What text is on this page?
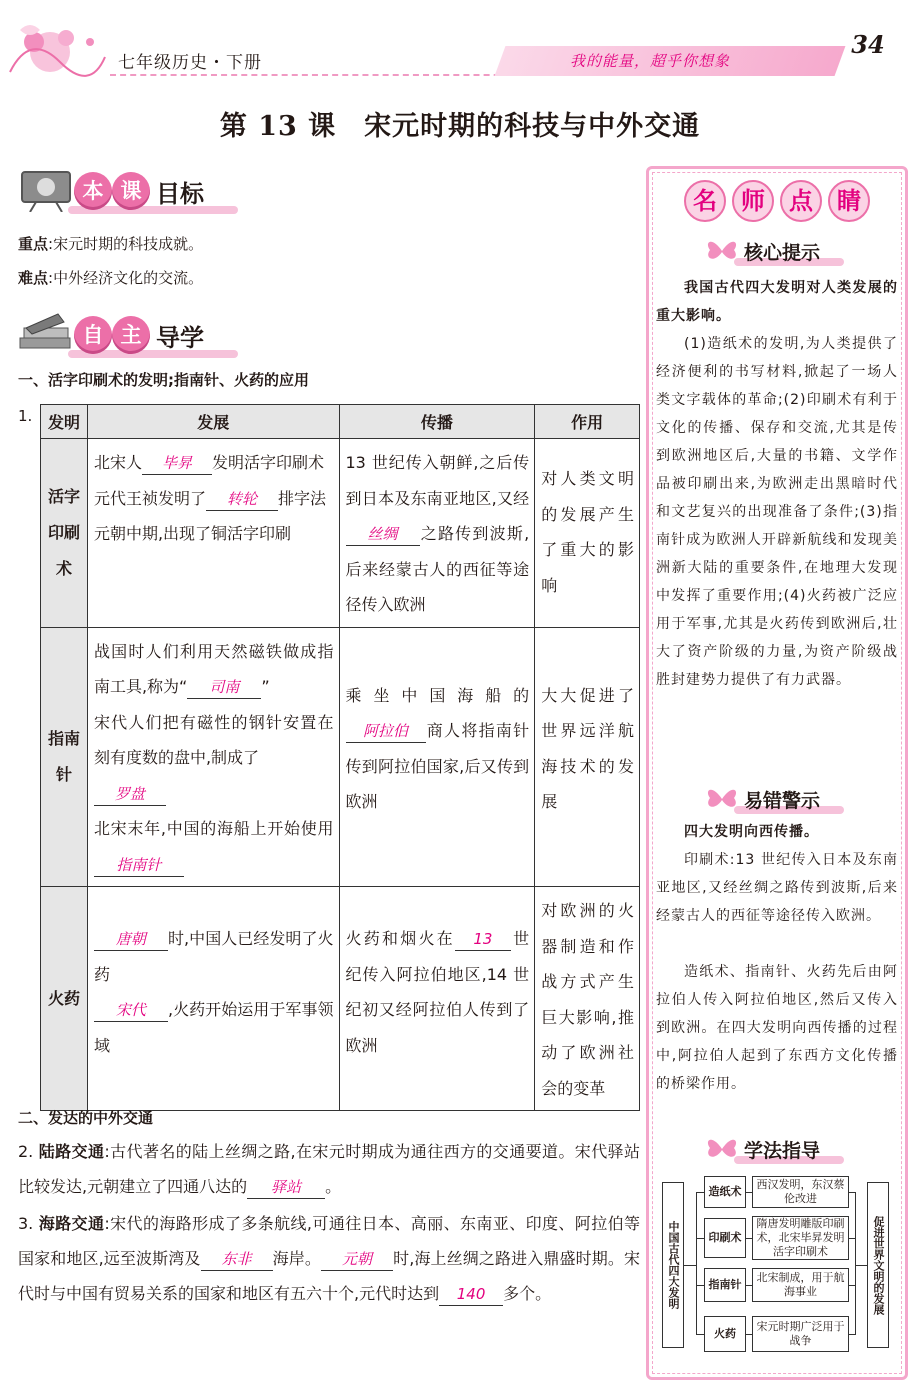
七年级历史・下册	我的能量，超乎你想象
34
第 13 课　宋元时期的科技与中外交通
本 课 目标
重点:宋元时期的科技成就。
难点:中外经济文化的交流。
自 主 导学
一、活字印刷术的发明;指南针、火药的应用
1. 发明	发展	传播	作用
活字印刷术	北宋人 毕昇 发明活字印刷术
元代王祯发明了 转轮 排字法
元朝中期,出现了铜活字印刷	13 世纪传入朝鲜,之后传到日本及东南亚地区,又经丝绸 之路传到波斯,后来经蒙古人的西征等途径传入欧洲	对人类文明的发展产生了重大的影响
指南针	战国时人们利用天然磁铁做成指南工具,称为“ 司南 ”
宋代人们把有磁性的钢针安置在刻有度数的盘中,制成了
罗盘
北宋末年,中国的海船上开始使用指南针	乘坐中国海船的阿拉伯 商人将指南针传到阿拉伯国家,后又传到欧洲	大大促进了世界远洋航海技术的发展
火药	唐朝 时,中国人已经发明了火药
宋代 ,火药开始运用于军事领域	火药和烟火在 13 世纪传入阿拉伯地区,14 世纪初又经阿拉伯人传到了欧洲	对欧洲的火器制造和作战方式产生巨大影响,推动了欧洲社会的变革
二、发达的中外交通
2. 陆路交通:古代著名的陆上丝绸之路,在宋元时期成为通往西方的交通要道。宋代驿站比较发达,元朝建立了四通八达的 驿站 。
3. 海路交通:宋代的海路形成了多条航线,可通往日本、高丽、东南亚、印度、阿拉伯等国家和地区,远至波斯湾及 东非 海岸。 元朝 时,海上丝绸之路进入鼎盛时期。宋代时与中国有贸易关系的国家和地区有五六十个,元代时达到 140 多个。
名	师	点	睛
核心提示
我国古代四大发明对人类发展的重大影响。
(1)造纸术的发明,为人类提供了经济便利的书写材料,掀起了一场人类文字载体的革命;(2)印刷术有利于文化的传播、保存和交流,尤其是传到欧洲地区后,大量的书籍、文学作品被印刷出来,为欧洲走出黑暗时代和文艺复兴的出现准备了条件;(3)指南针成为欧洲人开辟新航线和发现美洲新大陆的重要条件,在地理大发现中发挥了重要作用;(4)火药被广泛应用于军事,尤其是火药传到欧洲后,壮大了资产阶级的力量,为资产阶级战胜封建势力提供了有力武器。
易错警示
四大发明向西传播。
印刷术:13 世纪传入日本及东南亚地区,又经丝绸之路传到波斯,后来经蒙古人的西征等途径传入欧洲。
造纸术、指南针、火药先后由阿拉伯人传入阿拉伯地区,然后又传入到欧洲。在四大发明向西传播的过程中,阿拉伯人起到了东西方文化传播的桥梁作用。
学法指导
中国古代四大发明	促进世界文明的发展
造纸术
西汉发明，东汉蔡伦改进
印刷术
隋唐发明雕版印刷术，北宋毕昇发明活字印刷术
指南针
北宋制成，用于航海事业
火药
宋元时期广泛用于战争
